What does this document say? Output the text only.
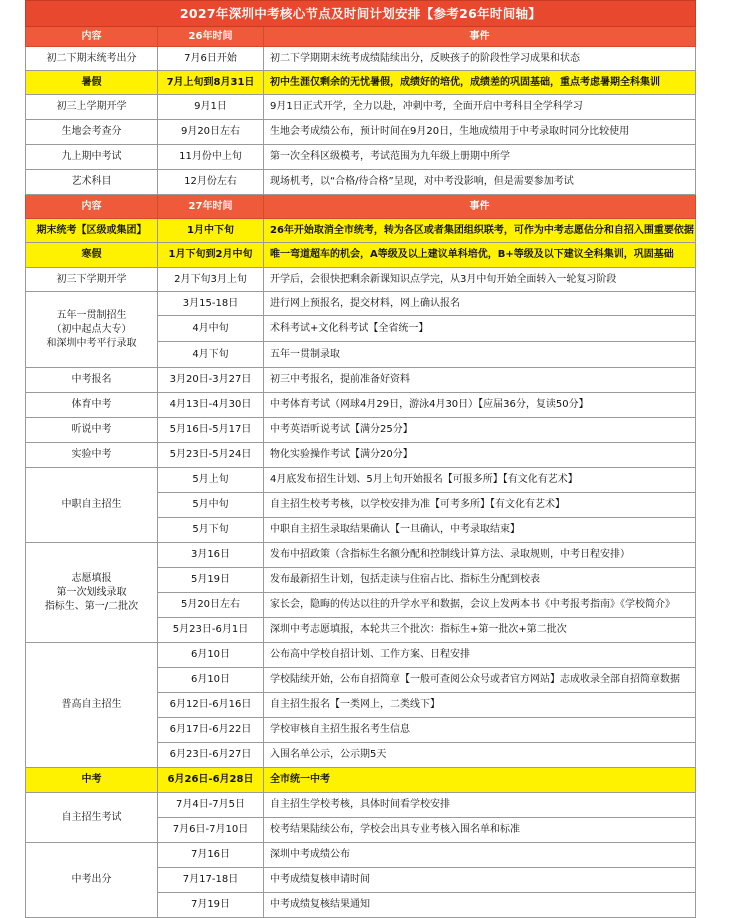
2027年深圳中考核心节点及时间计划安排【参考26年时间轴】		
内容	26年时间	事件
初二下期末统考出分	7月6日开始	初二下学期期末统考成绩陆续出分，反映孩子的阶段性学习成果和状态
暑假	7月上旬到8月31日	初中生涯仅剩余的无忧暑假，成绩好的培优，成绩差的巩固基础，重点考虑暑期全科集训
初三上学期开学	9月1日	9月1日正式开学，全力以赴，冲刺中考，全面开启中考科目全学科学习
生地会考查分	9月20日左右	生地会考成绩公布，预计时间在9月20日，生地成绩用于中考录取时同分比较使用
九上期中考试	11月份中上旬	第一次全科区级模考，考试范围为九年级上册期中所学
艺术科目	12月份左右	现场机考，以“合格/待合格”呈现，对中考没影响，但是需要参加考试
内容	27年时间	事件
期末统考【区级或集团】	1月中下旬	26年开始取消全市统考，转为各区或者集团组织联考，可作为中考志愿估分和自招入围重要依据
寒假	1月下旬到2月中旬	唯一弯道超车的机会，A等级及以上建议单科培优，B+等级及以下建议全科集训，巩固基础
初三下学期开学	2月下旬3月上旬	开学后，会很快把剩余新课知识点学完，从3月中旬开始全面转入一轮复习阶段

五年一贯制招生
（初中起点大专）
和深圳中考平行录取	3月15-18日	进行网上预报名，提交材料，网上确认报名
	4月中旬	术科考试+文化科考试【全省统一】
	4月下旬	五年一贯制录取
中考报名	3月20日-3月27日	初三中考报名，提前准备好资料
体育中考	4月13日-4月30日	中考体育考试（网球4月29日，游泳4月30日）【应届36分，复读50分】
听说中考	5月16日-5月17日	中考英语听说考试【满分25分】
实验中考	5月23日-5月24日	物化实验操作考试【满分20分】
中职自主招生	5月上旬	4月底发布招生计划、5月上旬开始报名【可报多所】【有文化有艺术】
	5月中旬	自主招生校考考核，以学校安排为准【可考多所】【有文化有艺术】
	5月下旬	中职自主招生录取结果确认【一旦确认，中考录取结束】

志愿填报
第一次划线录取
指标生、第一/二批次	3月16日	发布中招政策（含指标生名额分配和控制线计算方法、录取规则，中考日程安排）
	5月19日	发布最新招生计划，包括走读与住宿占比、指标生分配到校表
	5月20日左右	家长会，隐晦的传达以往的升学水平和数据，会议上发两本书《中考报考指南》《学校简介》
	5月23日-6月1日	深圳中考志愿填报，本轮共三个批次：指标生+第一批次+第二批次
普高自主招生	6月10日	公布高中学校自招计划、工作方案、日程安排
	6月10日	学校陆续开始，公布自招简章【一般可查阅公众号或者官方网站】志成收录全部自招简章数据
	6月12日-6月16日	自主招生报名【一类网上，二类线下】
	6月17日-6月22日	学校审核自主招生报名考生信息
	6月23日-6月27日	入围名单公示，公示期5天
中考	6月26日-6月28日	全市统一中考
自主招生考试	7月4日-7月5日	自主招生学校考核，具体时间看学校安排
	7月6日-7月10日	校考结果陆续公布，学校会出具专业考核入围名单和标准
中考出分	7月16日	深圳中考成绩公布
	7月17-18日	中考成绩复核申请时间
	7月19日	中考成绩复核结果通知
